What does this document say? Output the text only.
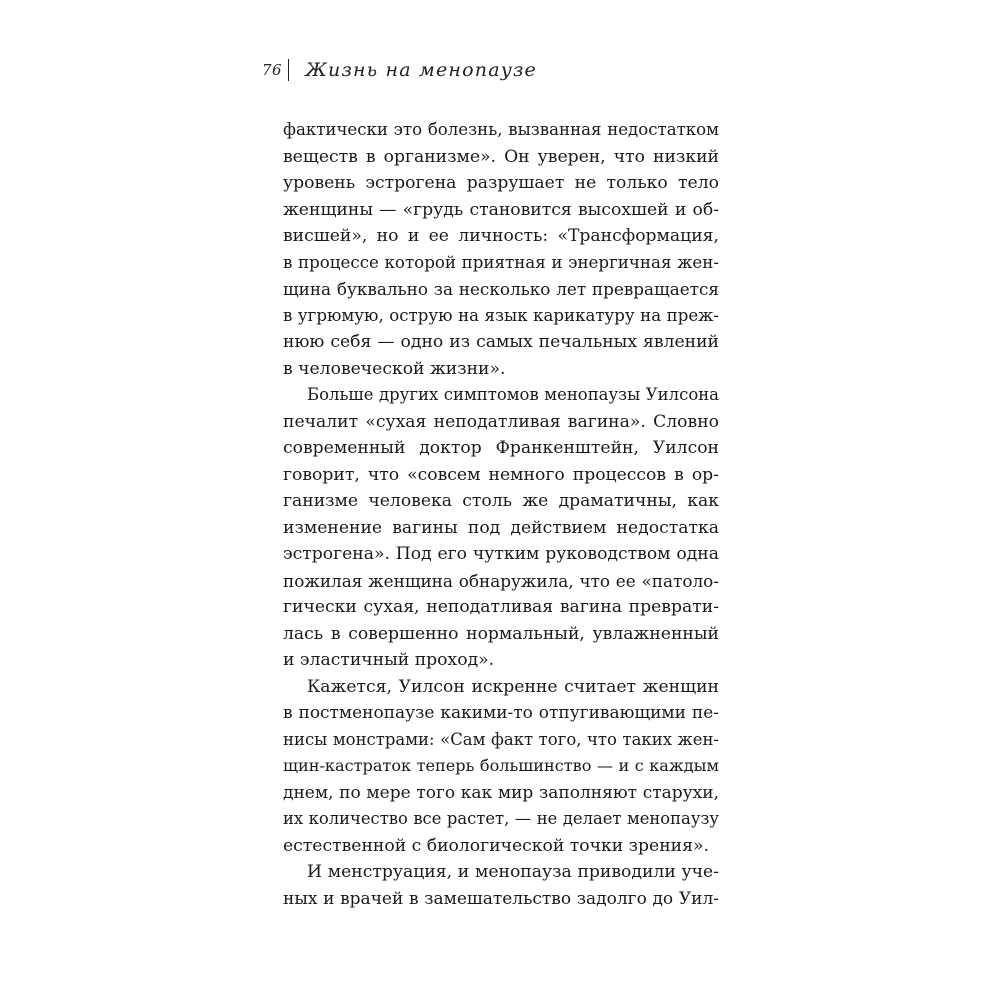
76 Жизнь на менопаузе
фактически это болезнь, вызванная недостатком
веществ в организме». Он уверен, что низкий
уровень эстрогена разрушает не только тело
женщины — «грудь становится высохшей и об-
висшей», но и ее личность: «Трансформация,
в процессе которой приятная и энергичная жен-
щина буквально за несколько лет превращается
в угрюмую, острую на язык карикатуру на преж-
нюю себя — одно из самых печальных явлений
в человеческой жизни».
Больше других симптомов менопаузы Уилсона
печалит «сухая неподатливая вагина». Словно
современный доктор Франкенштейн, Уилсон
говорит, что «совсем немного процессов в ор-
ганизме человека столь же драматичны, как
изменение вагины под действием недостатка
эстрогена». Под его чутким руководством одна
пожилая женщина обнаружила, что ее «патоло-
гически сухая, неподатливая вагина преврати-
лась в совершенно нормальный, увлажненный
и эластичный проход».
Кажется, Уилсон искренне считает женщин
в постменопаузе какими-то отпугивающими пе-
нисы монстрами: «Сам факт того, что таких жен-
щин-кастраток теперь большинство — и с каждым
днем, по мере того как мир заполняют старухи,
их количество все растет, — не делает менопаузу
естественной с биологической точки зрения».
И менструация, и менопауза приводили уче-
ных и врачей в замешательство задолго до Уил-
